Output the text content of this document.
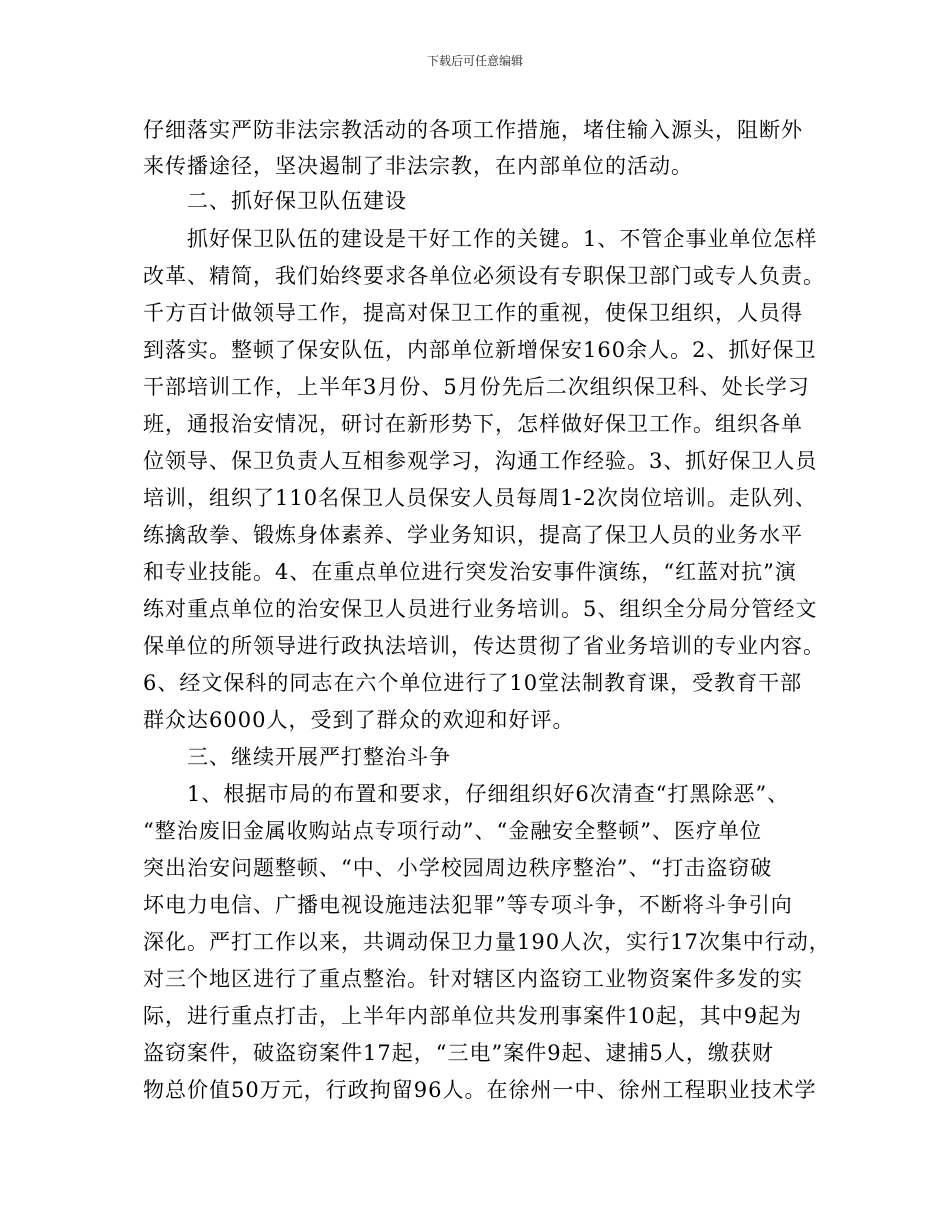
下载后可任意编辑
仔细落实严防非法宗教活动的各项工作措施，堵住输入源头，阻断外
来传播途径，坚决遏制了非法宗教，在内部单位的活动。
二、抓好保卫队伍建设
抓好保卫队伍的建设是干好工作的关键。1、不管企事业单位怎样
改革、精简，我们始终要求各单位必须设有专职保卫部门或专人负责。
千方百计做领导工作，提高对保卫工作的重视，使保卫组织，人员得
到落实。整顿了保安队伍，内部单位新增保安160余人。2、抓好保卫
干部培训工作，上半年3月份、5月份先后二次组织保卫科、处长学习
班，通报治安情况，研讨在新形势下，怎样做好保卫工作。组织各单
位领导、保卫负责人互相参观学习，沟通工作经验。3、抓好保卫人员
培训，组织了110名保卫人员保安人员每周1-2次岗位培训。走队列、
练擒敌拳、锻炼身体素养、学业务知识，提高了保卫人员的业务水平
和专业技能。4、在重点单位进行突发治安事件演练，“红蓝对抗”演
练对重点单位的治安保卫人员进行业务培训。5、组织全分局分管经文
保单位的所领导进行政执法培训，传达贯彻了省业务培训的专业内容。
6、经文保科的同志在六个单位进行了10堂法制教育课，受教育干部
群众达6000人，受到了群众的欢迎和好评。
三、继续开展严打整治斗争
1、根据市局的布置和要求，仔细组织好6次清查“打黑除恶”、
“整治废旧金属收购站点专项行动”、“金融安全整顿”、医疗单位
突出治安问题整顿、“中、小学校园周边秩序整治”、“打击盗窃破
坏电力电信、广播电视设施违法犯罪”等专项斗争，不断将斗争引向
深化。严打工作以来，共调动保卫力量190人次，实行17次集中行动，
对三个地区进行了重点整治。针对辖区内盗窃工业物资案件多发的实
际，进行重点打击，上半年内部单位共发刑事案件10起，其中9起为
盗窃案件，破盗窃案件17起，“三电”案件9起、逮捕5人，缴获财
物总价值50万元，行政拘留96人。在徐州一中、徐州工程职业技术学
